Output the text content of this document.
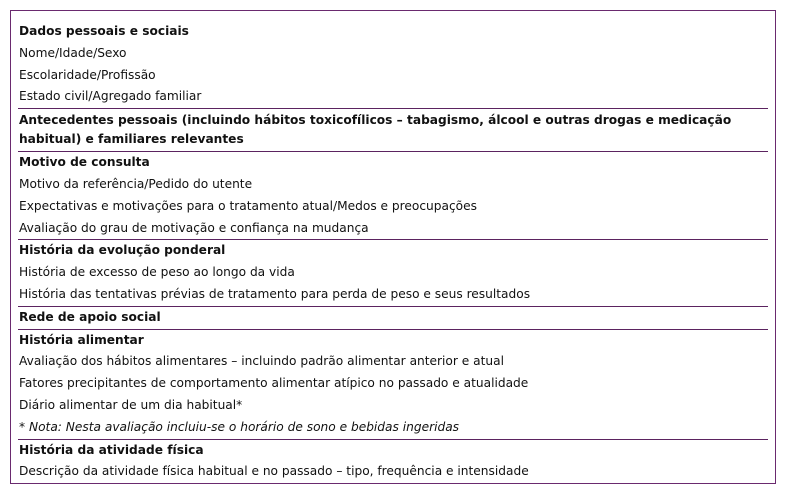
Dados pessoais e sociais
Nome/Idade/Sexo
Escolaridade/Profissão
Estado civil/Agregado familiar
Antecedentes pessoais (incluindo hábitos toxicofílicos – tabagismo, álcool e outras drogas e medicação habitual) e familiares relevantes
Motivo de consulta
Motivo da referência/Pedido do utente
Expectativas e motivações para o tratamento atual/Medos e preocupações
Avaliação do grau de motivação e confiança na mudança
História da evolução ponderal
História de excesso de peso ao longo da vida
História das tentativas prévias de tratamento para perda de peso e seus resultados
Rede de apoio social
História alimentar
Avaliação dos hábitos alimentares – incluindo padrão alimentar anterior e atual
Fatores precipitantes de comportamento alimentar atípico no passado e atualidade
Diário alimentar de um dia habitual*
* Nota: Nesta avaliação incluiu-se o horário de sono e bebidas ingeridas
História da atividade física
Descrição da atividade física habitual e no passado – tipo, frequência e intensidade
